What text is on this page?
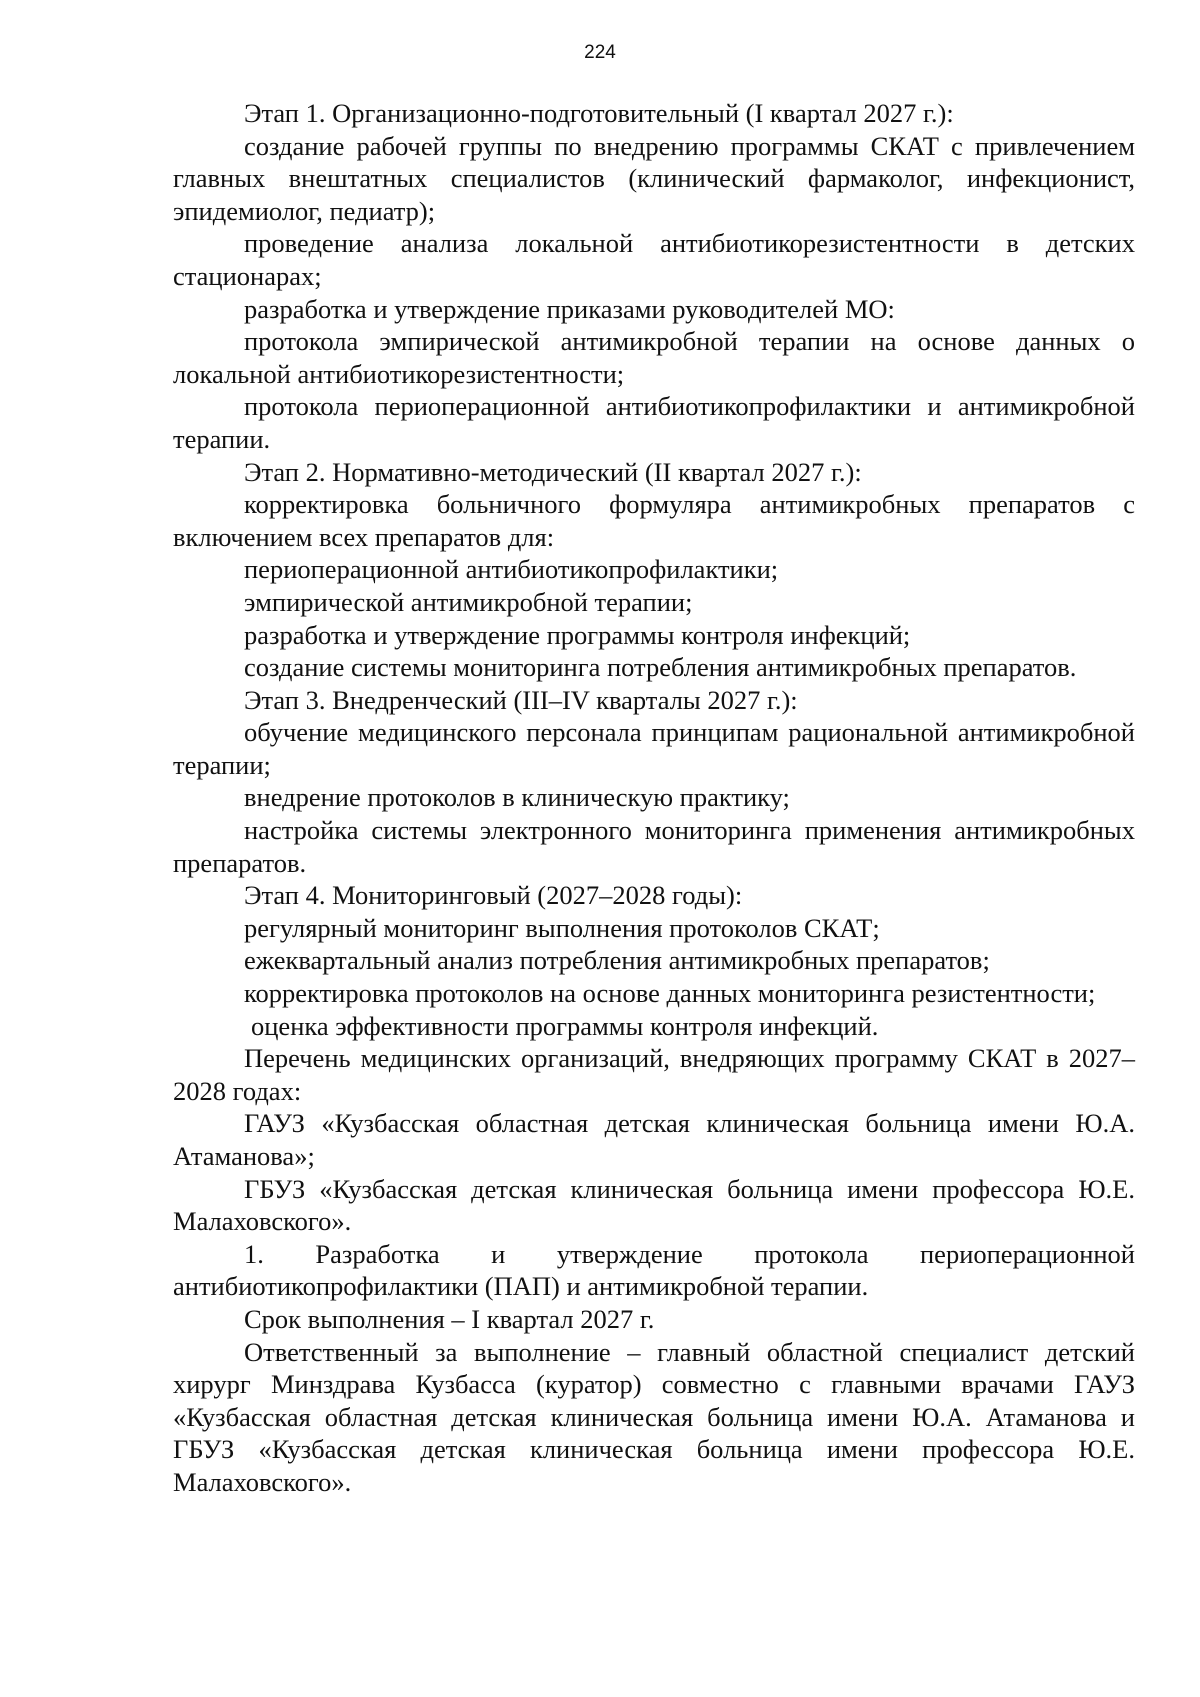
224

Этап 1. Организационно-подготовительный (I квартал 2027 г.):

создание рабочей группы по внедрению программы СКАТ с привлечением главных внештатных специалистов (клинический фармаколог, инфекционист, эпидемиолог, педиатр);

проведение анализа локальной антибиотикорезистентности в детских стационарах;

разработка и утверждение приказами руководителей МО:

протокола эмпирической антимикробной терапии на основе данных о локальной антибиотикорезистентности;

протокола периоперационной антибиотикопрофилактики и антимикробной терапии.

Этап 2. Нормативно-методический (II квартал 2027 г.):

корректировка больничного формуляра антимикробных препаратов с включением всех препаратов для:

периоперационной антибиотикопрофилактики;

эмпирической антимикробной терапии;

разработка и утверждение программы контроля инфекций;

создание системы мониторинга потребления антимикробных препаратов.

Этап 3. Внедренческий (III–IV кварталы 2027 г.):

обучение медицинского персонала принципам рациональной антимикробной терапии;

внедрение протоколов в клиническую практику;

настройка системы электронного мониторинга применения антимикробных препаратов.

Этап 4. Мониторинговый (2027–2028 годы):

регулярный мониторинг выполнения протоколов СКАТ;

ежеквартальный анализ потребления антимикробных препаратов;

корректировка протоколов на основе данных мониторинга резистентности;

оценка эффективности программы контроля инфекций.

Перечень медицинских организаций, внедряющих программу СКАТ в 2027–2028 годах:

ГАУЗ «Кузбасская областная детская клиническая больница имени Ю.А. Атаманова»;

ГБУЗ «Кузбасская детская клиническая больница имени профессора Ю.Е. Малаховского».

1. Разработка и утверждение протокола периоперационной антибиотикопрофилактики (ПАП) и антимикробной терапии.

Срок выполнения – I квартал 2027 г.

Ответственный за выполнение – главный областной специалист детский хирург Минздрава Кузбасса (куратор) совместно с главными врачами ГАУЗ «Кузбасская областная детская клиническая больница имени Ю.А. Атаманова и ГБУЗ «Кузбасская детская клиническая больница имени профессора Ю.Е. Малаховского».
